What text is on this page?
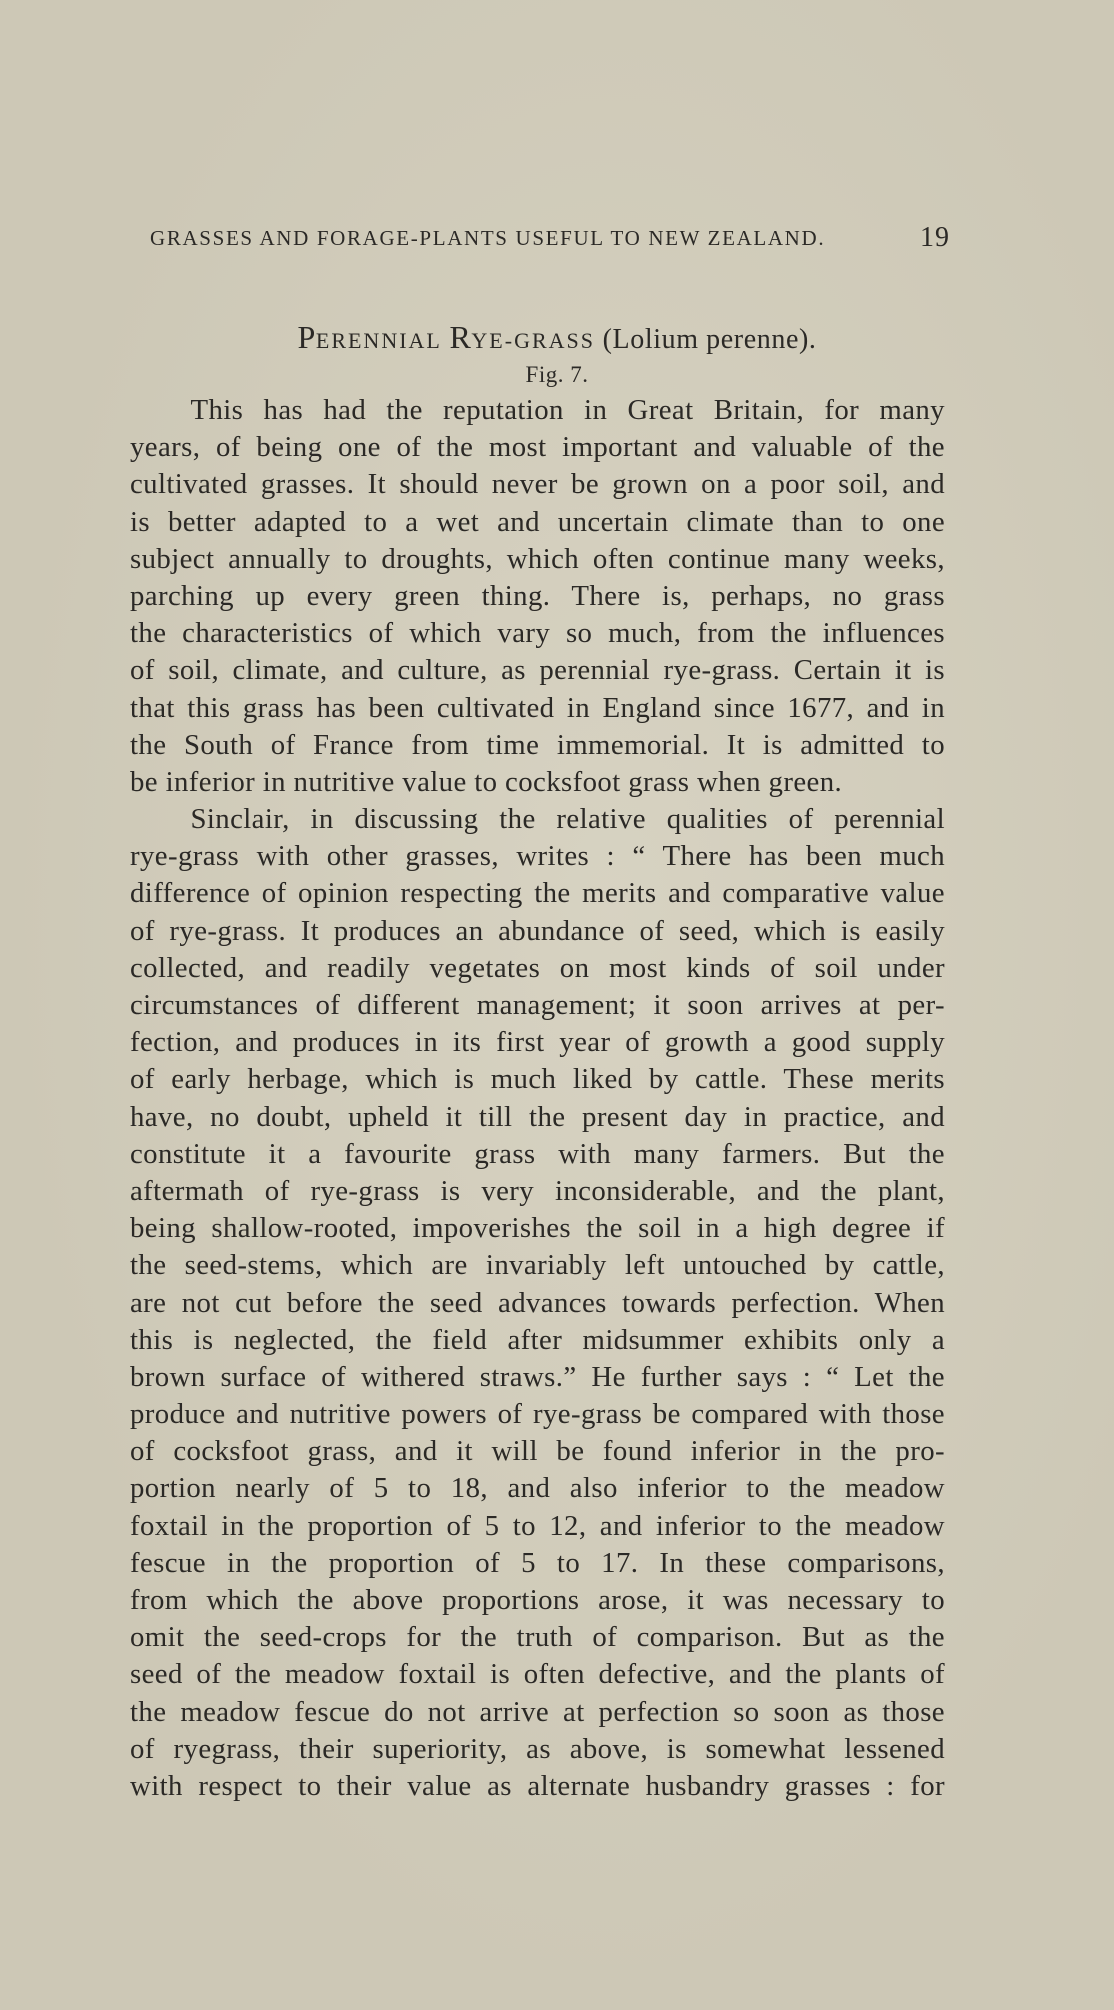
GRASSES AND FORAGE-PLANTS USEFUL TO NEW ZEALAND.	19
PERENNIAL RYE-GRASS (Lolium perenne).
Fig. 7.
This has had the reputation in Great Britain, for many
years, of being one of the most important and valuable of the
cultivated grasses. It should never be grown on a poor soil, and
is better adapted to a wet and uncertain climate than to one
subject annually to droughts, which often continue many weeks,
parching up every green thing. There is, perhaps, no grass
the characteristics of which vary so much, from the influences
of soil, climate, and culture, as perennial rye-grass. Certain it is
that this grass has been cultivated in England since 1677, and in
the South of France from time immemorial. It is admitted to
be inferior in nutritive value to cocksfoot grass when green.
Sinclair, in discussing the relative qualities of perennial
rye-grass with other grasses, writes : “ There has been much
difference of opinion respecting the merits and comparative value
of rye-grass. It produces an abundance of seed, which is easily
collected, and readily vegetates on most kinds of soil under
circumstances of different management; it soon arrives at per-
fection, and produces in its first year of growth a good supply
of early herbage, which is much liked by cattle. These merits
have, no doubt, upheld it till the present day in practice, and
constitute it a favourite grass with many farmers. But the
aftermath of rye-grass is very inconsiderable, and the plant,
being shallow-rooted, impoverishes the soil in a high degree if
the seed-stems, which are invariably left untouched by cattle,
are not cut before the seed advances towards perfection. When
this is neglected, the field after midsummer exhibits only a
brown surface of withered straws.” He further says : “ Let the
produce and nutritive powers of rye-grass be compared with those
of cocksfoot grass, and it will be found inferior in the pro-
portion nearly of 5 to 18, and also inferior to the meadow
foxtail in the proportion of 5 to 12, and inferior to the meadow
fescue in the proportion of 5 to 17. In these comparisons,
from which the above proportions arose, it was necessary to
omit the seed-crops for the truth of comparison. But as the
seed of the meadow foxtail is often defective, and the plants of
the meadow fescue do not arrive at perfection so soon as those
of ryegrass, their superiority, as above, is somewhat lessened
with respect to their value as alternate husbandry grasses : for
